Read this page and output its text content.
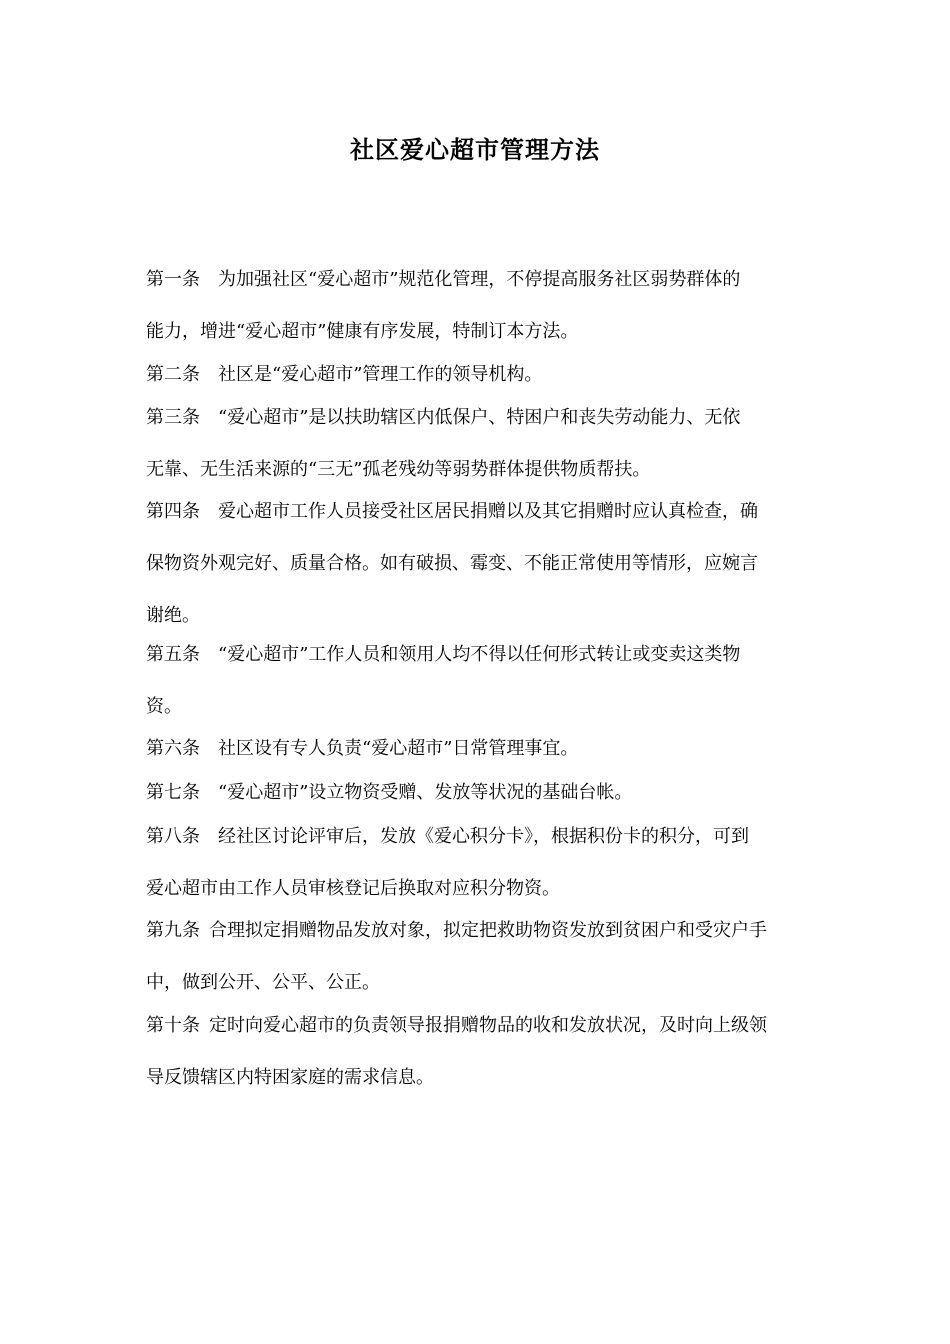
社区爱心超市管理方法
第一条 为加强社区“爱心超市”规范化管理，不停提高服务社区弱势群体的
能力，增进“爱心超市”健康有序发展，特制订本方法。
第二条 社区是“爱心超市”管理工作的领导机构。
第三条 “爱心超市”是以扶助辖区内低保户、特困户和丧失劳动能力、无依
无靠、无生活来源的“三无”孤老残幼等弱势群体提供物质帮扶。
第四条 爱心超市工作人员接受社区居民捐赠以及其它捐赠时应认真检查，确
保物资外观完好、质量合格。如有破损、霉变、不能正常使用等情形，应婉言
谢绝。
第五条 “爱心超市”工作人员和领用人均不得以任何形式转让或变卖这类物
资。
第六条 社区设有专人负责“爱心超市”日常管理事宜。
第七条 “爱心超市”设立物资受赠、发放等状况的基础台帐。
第八条 经社区讨论评审后，发放《爱心积分卡》，根据积份卡的积分，可到
爱心超市由工作人员审核登记后换取对应积分物资。
第九条 合理拟定捐赠物品发放对象，拟定把救助物资发放到贫困户和受灾户手
中，做到公开、公平、公正。
第十条 定时向爱心超市的负责领导报捐赠物品的收和发放状况，及时向上级领
导反馈辖区内特困家庭的需求信息。
